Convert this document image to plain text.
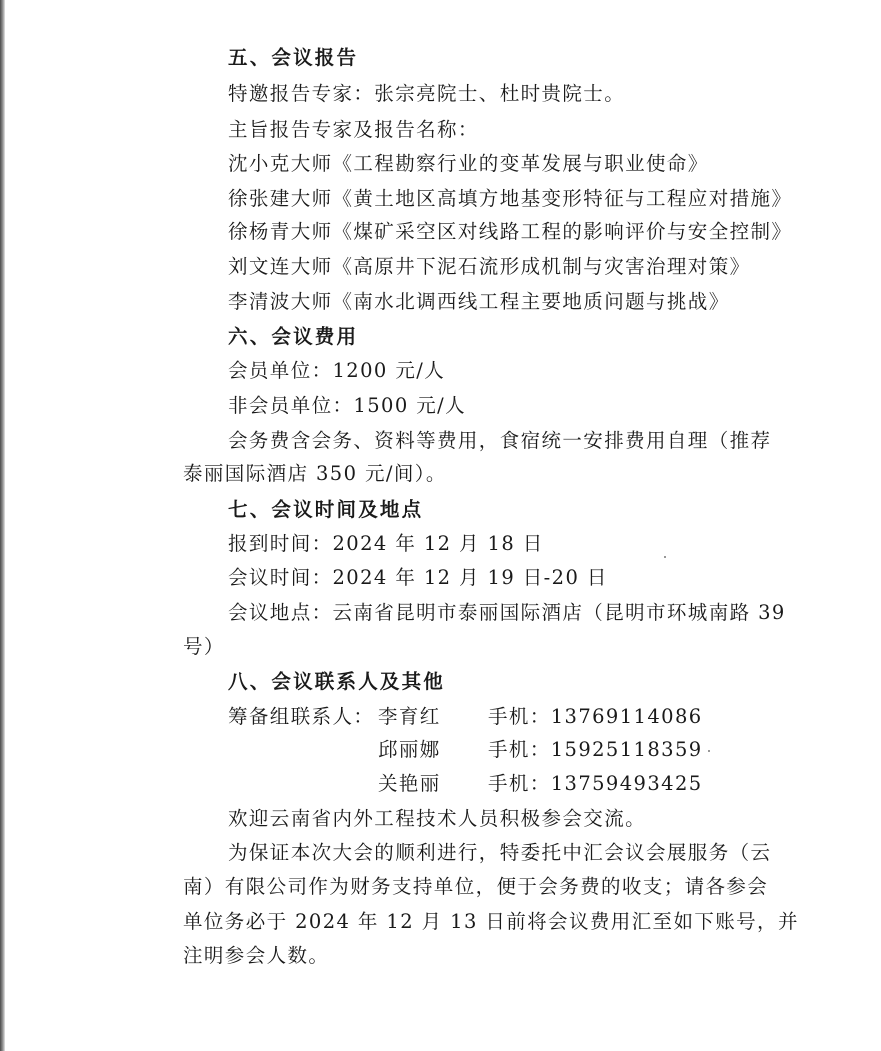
五、会议报告
特邀报告专家：张宗亮院士、杜时贵院士。
主旨报告专家及报告名称：
沈小克大师《工程勘察行业的变革发展与职业使命》
徐张建大师《黄土地区高填方地基变形特征与工程应对措施》
徐杨青大师《煤矿采空区对线路工程的影响评价与安全控制》
刘文连大师《高原井下泥石流形成机制与灾害治理对策》
李清波大师《南水北调西线工程主要地质问题与挑战》
六、会议费用
会员单位：1200 元/人
非会员单位：1500 元/人
会务费含会务、资料等费用，食宿统一安排费用自理（推荐
泰丽国际酒店 350 元/间）。
七、会议时间及地点
报到时间：2024 年 12 月 18 日
会议时间：2024 年 12 月 19 日-20 日
会议地点：云南省昆明市泰丽国际酒店（昆明市环城南路 39
号）
八、会议联系人及其他
筹备组联系人： 李育红 手机：13769114086
邱丽娜 手机：15925118359
关艳丽 手机：13759493425
欢迎云南省内外工程技术人员积极参会交流。
为保证本次大会的顺利进行，特委托中汇会议会展服务（云
南）有限公司作为财务支持单位，便于会务费的收支；请各参会
单位务必于 2024 年 12 月 13 日前将会议费用汇至如下账号，并
注明参会人数。
